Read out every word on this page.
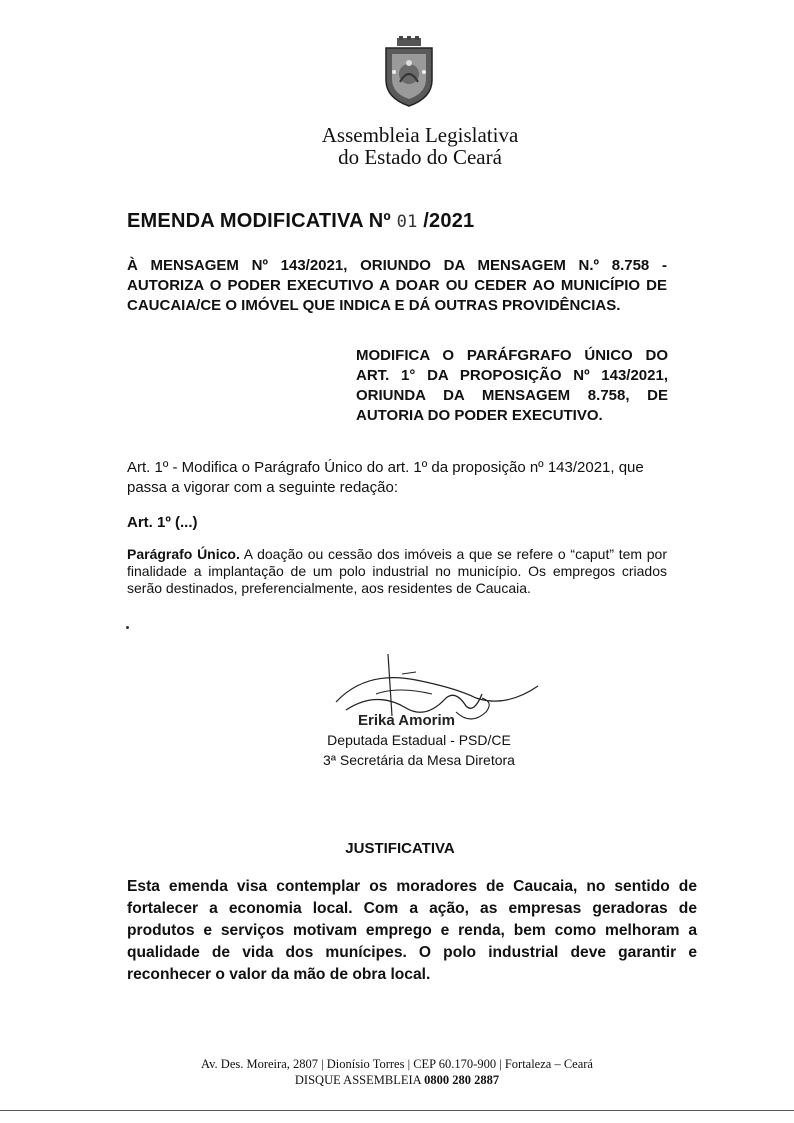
Assembleia Legislativa
do Estado do Ceará
EMENDA MODIFICATIVA Nº 01 /2021
À MENSAGEM Nº 143/2021, ORIUNDO DA MENSAGEM N.º 8.758 - AUTORIZA O PODER EXECUTIVO A DOAR OU CEDER AO MUNICÍPIO DE CAUCAIA/CE O IMÓVEL QUE INDICA E DÁ OUTRAS PROVIDÊNCIAS.
MODIFICA O PARÁFGRAFO ÚNICO DO ART. 1° DA PROPOSIÇÃO Nº 143/2021, ORIUNDA DA MENSAGEM 8.758, DE AUTORIA DO PODER EXECUTIVO.
Art. 1º - Modifica o Parágrafo Único do art. 1º da proposição nº 143/2021, que passa a vigorar com a seguinte redação:
Art. 1º (...)
Parágrafo Único. A doação ou cessão dos imóveis a que se refere o “caput” tem por finalidade a implantação de um polo industrial no município. Os empregos criados serão destinados, preferencialmente, aos residentes de Caucaia.
Erika Amorim
Deputada Estadual - PSD/CE
3ª Secretária da Mesa Diretora
JUSTIFICATIVA
Esta emenda visa contemplar os moradores de Caucaia, no sentido de fortalecer a economia local. Com a ação, as empresas geradoras de produtos e serviços motivam emprego e renda, bem como melhoram a qualidade de vida dos munícipes. O polo industrial deve garantir e reconhecer o valor da mão de obra local.
Av. Des. Moreira, 2807 | Dionísio Torres | CEP 60.170-900 | Fortaleza – Ceará
DISQUE ASSEMBLEIA 0800 280 2887
